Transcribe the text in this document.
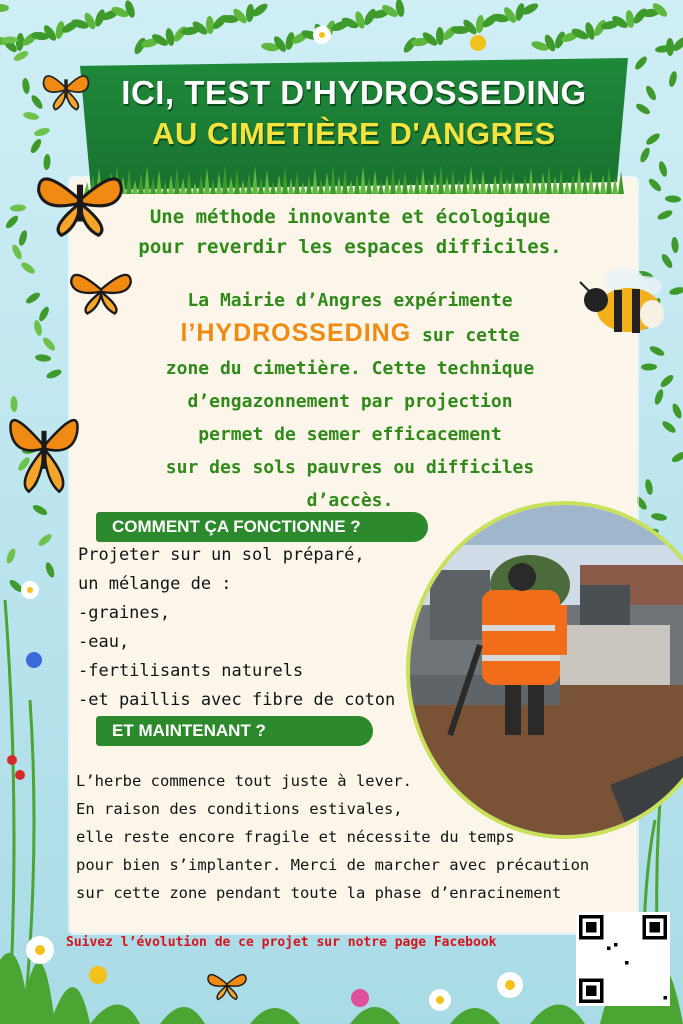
ICI, TEST D'HYDROSSEDING
AU CIMETIÈRE D'ANGRES
Une méthode innovante et écologique
pour reverdir les espaces difficiles.
La Mairie d’Angres expérimente
l’HYDROSSEDING sur cette
zone du cimetière. Cette technique
d’engazonnement par projection
permet de semer efficacement
sur des sols pauvres ou difficiles
d’accès.
COMMENT ÇA FONCTIONNE ?
Projeter sur un sol préparé,
un mélange de :
-graines,
-eau,
-fertilisants naturels
-et paillis avec fibre de coton
ET MAINTENANT ?
L’herbe commence tout juste à lever.
En raison des conditions estivales,
elle reste encore fragile et nécessite du temps
pour bien s’implanter. Merci de marcher avec précaution
sur cette zone pendant toute la phase d’enracinement
Suivez l’évolution de ce projet sur notre page Facebook
